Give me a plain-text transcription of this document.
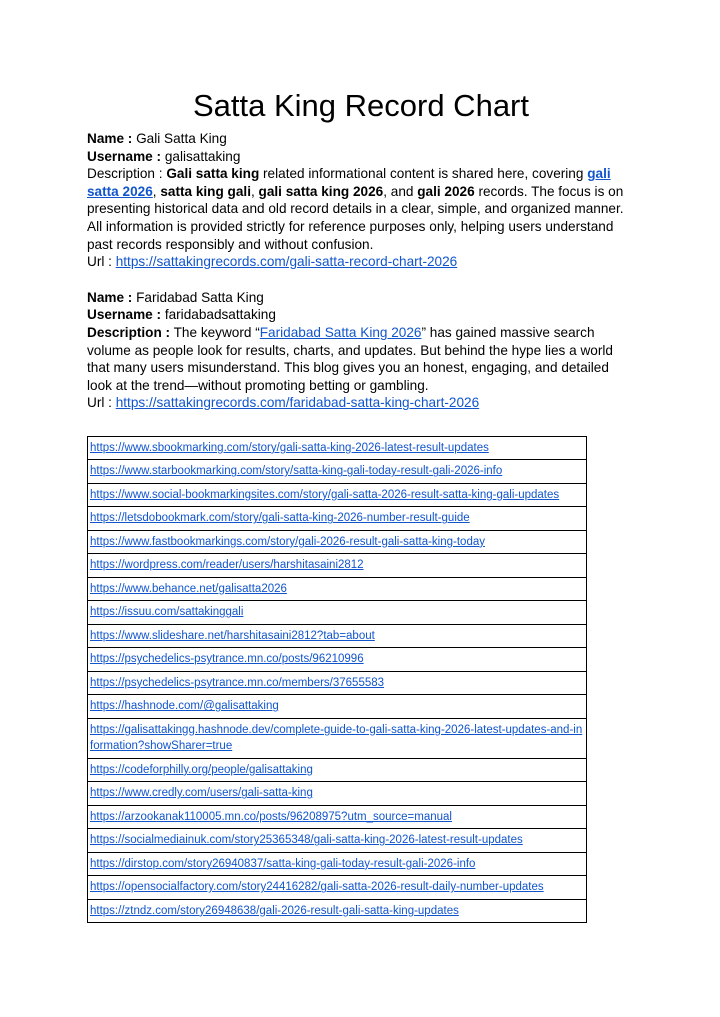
Satta King Record Chart

Name : Gali Satta King

Username : galisattaking

Description : Gali satta king related informational content is shared here, covering gali satta 2026, satta king gali, gali satta king 2026, and gali 2026 records. The focus is on presenting historical data and old record details in a clear, simple, and organized manner. All information is provided strictly for reference purposes only, helping users understand past records responsibly and without confusion.

Url : https://sattakingrecords.com/gali-satta-record-chart-2026

Name : Faridabad Satta King

Username : faridabadsattaking

Description : The keyword “Faridabad Satta King 2026” has gained massive search volume as people look for results, charts, and updates. But behind the hype lies a world that many users misunderstand. This blog gives you an honest, engaging, and detailed look at the trend—without promoting betting or gambling.

Url : https://sattakingrecords.com/faridabad-satta-king-chart-2026

https://www.sbookmarking.com/story/gali-satta-king-2026-latest-result-updates
https://www.starbookmarking.com/story/satta-king-gali-today-result-gali-2026-info
https://www.social-bookmarkingsites.com/story/gali-satta-2026-result-satta-king-gali-updates
https://letsdobookmark.com/story/gali-satta-king-2026-number-result-guide
https://www.fastbookmarkings.com/story/gali-2026-result-gali-satta-king-today
https://wordpress.com/reader/users/harshitasaini2812
https://www.behance.net/galisatta2026
https://issuu.com/sattakinggali
https://www.slideshare.net/harshitasaini2812?tab=about
https://psychedelics-psytrance.mn.co/posts/96210996
https://psychedelics-psytrance.mn.co/members/37655583
https://hashnode.com/@galisattaking
https://galisattakingg.hashnode.dev/complete-guide-to-gali-satta-king-2026-latest-updates-and-information?showSharer=true
https://codeforphilly.org/people/galisattaking
https://www.credly.com/users/gali-satta-king
https://arzookanak110005.mn.co/posts/96208975?utm_source=manual
https://socialmediainuk.com/story25365348/gali-satta-king-2026-latest-result-updates
https://dirstop.com/story26940837/satta-king-gali-today-result-gali-2026-info
https://opensocialfactory.com/story24416282/gali-satta-2026-result-daily-number-updates
https://ztndz.com/story26948638/gali-2026-result-gali-satta-king-updates
